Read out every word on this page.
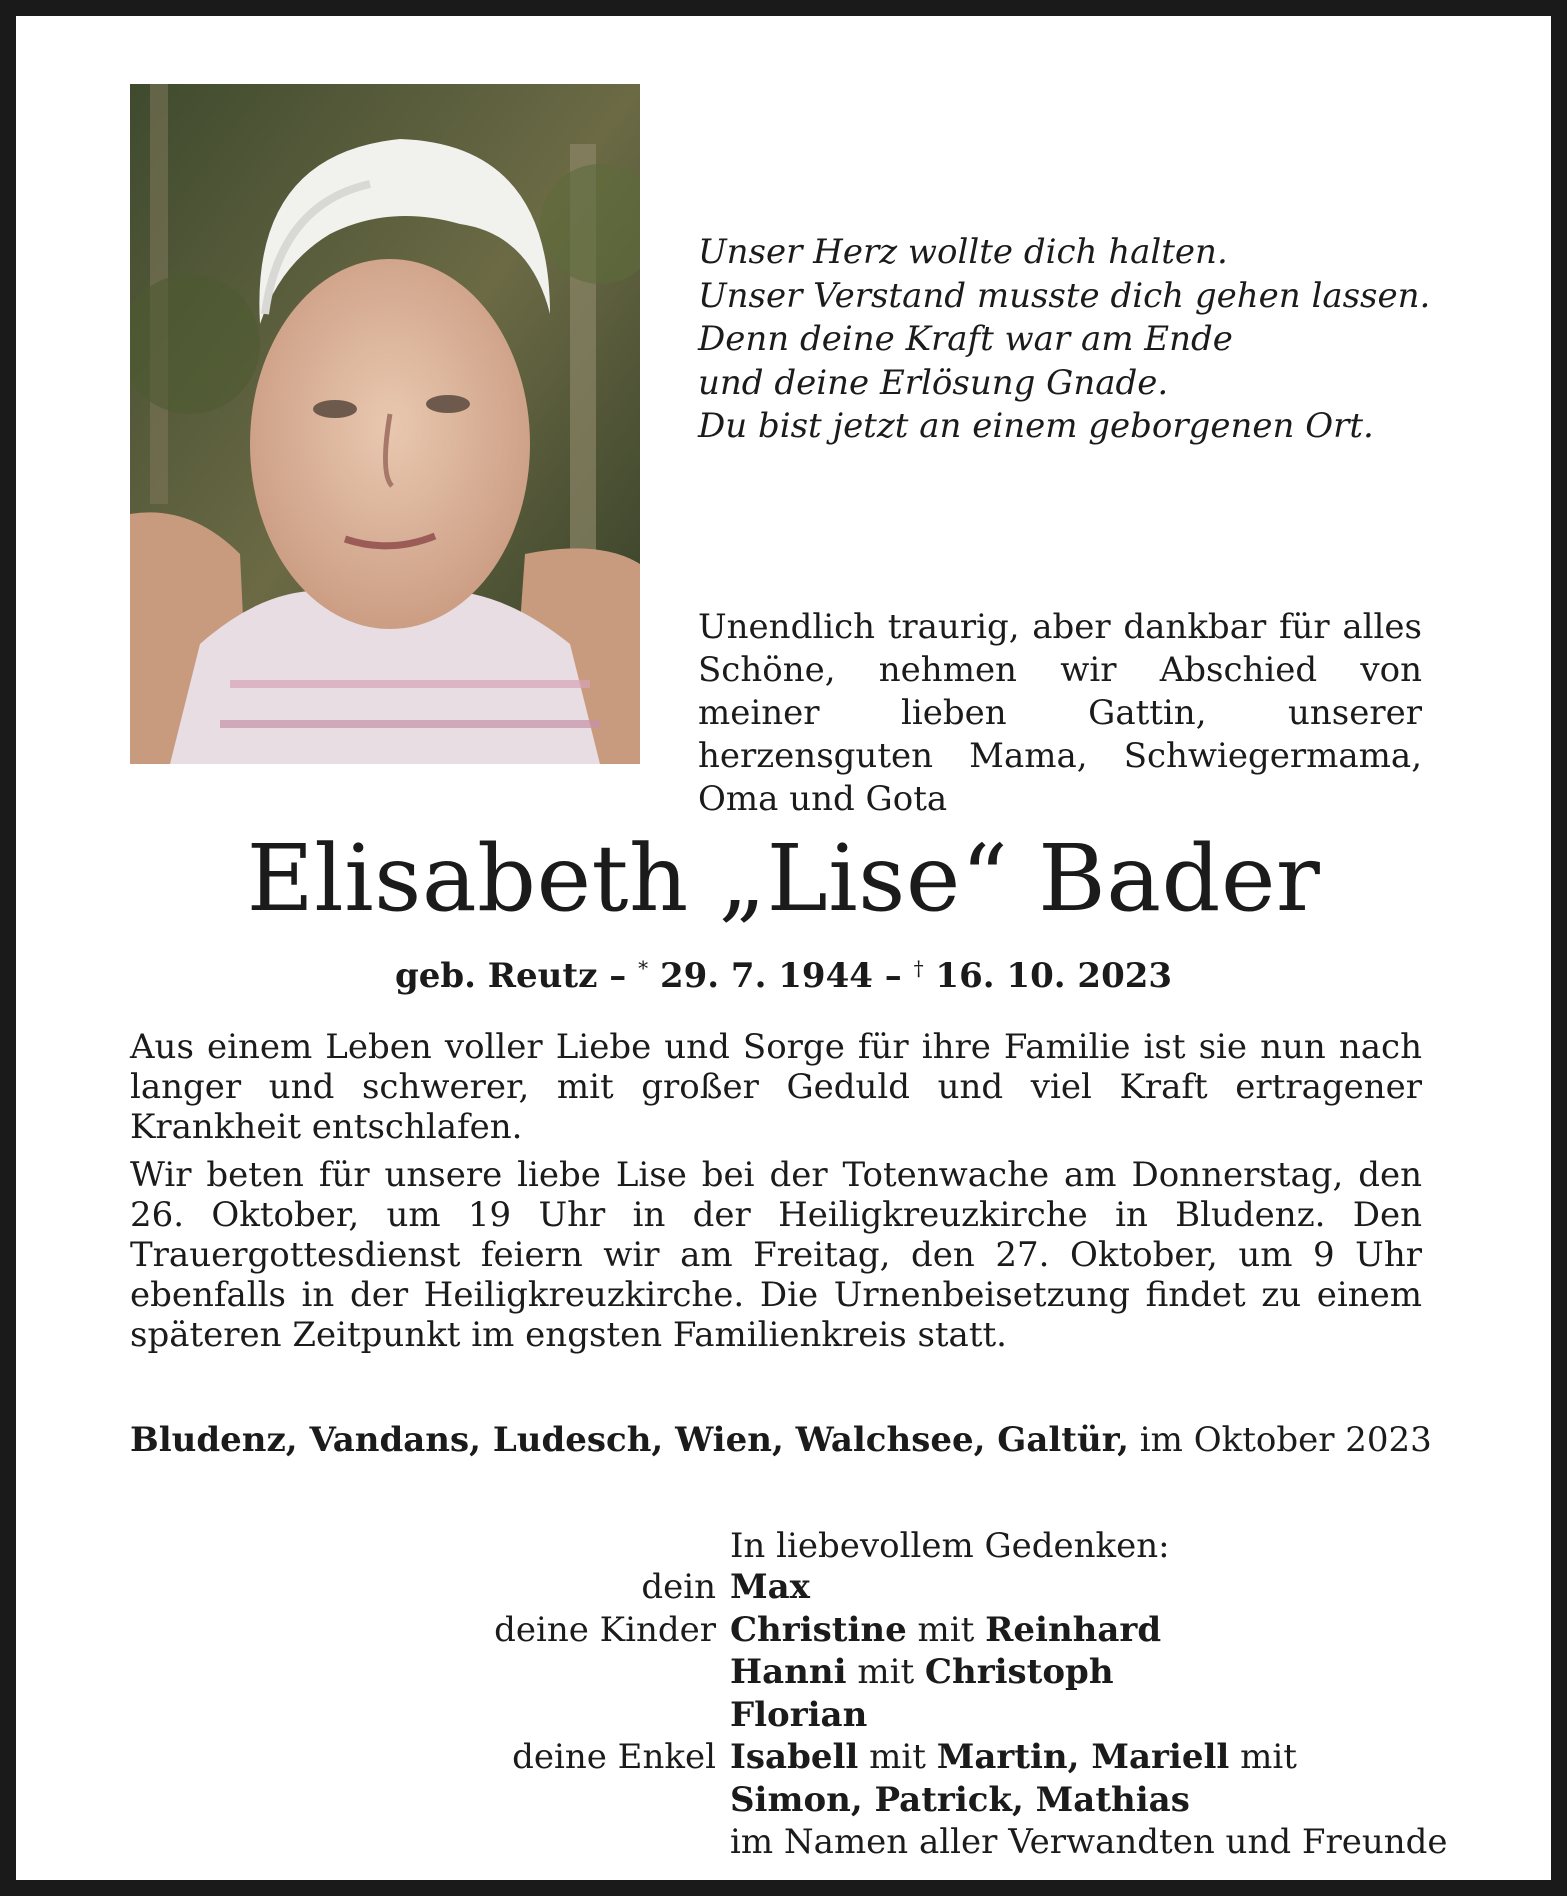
Unser Herz wollte dich halten.
Unser Verstand musste dich gehen lassen.
Denn deine Kraft war am Ende
und deine Erlösung Gnade.
Du bist jetzt an einem geborgenen Ort.
Unendlich traurig, aber dankbar für alles Schöne, nehmen wir Abschied von meiner lieben Gattin, unserer herzensguten Mama, Schwiegermama, Oma und Gota
Elisabeth „Lise“ Bader
geb. Reutz – * 29. 7. 1944 – † 16. 10. 2023

Aus einem Leben voller Liebe und Sorge für ihre Familie ist sie nun nach langer und schwerer, mit großer Geduld und viel Kraft ertragener Krankheit entschlafen.

Wir beten für unsere liebe Lise bei der Totenwache am Donnerstag, den 26. Oktober, um 19 Uhr in der Heiligkreuzkirche in Bludenz. Den Trauergottesdienst feiern wir am Freitag, den 27. Oktober, um 9 Uhr ebenfalls in der Heiligkreuzkirche. Die Urnenbeisetzung findet zu einem späteren Zeitpunkt im engsten Familienkreis statt.

Bludenz, Vandans, Ludesch, Wien, Walchsee, Galtür, im Oktober 2023
In liebevollem Gedenken:
dein Max
deine Kinder Christine mit Reinhard
Hanni mit Christoph
Florian
deine Enkel Isabell mit Martin, Mariell mit
Simon, Patrick, Mathias
im Namen aller Verwandten und Freunde
